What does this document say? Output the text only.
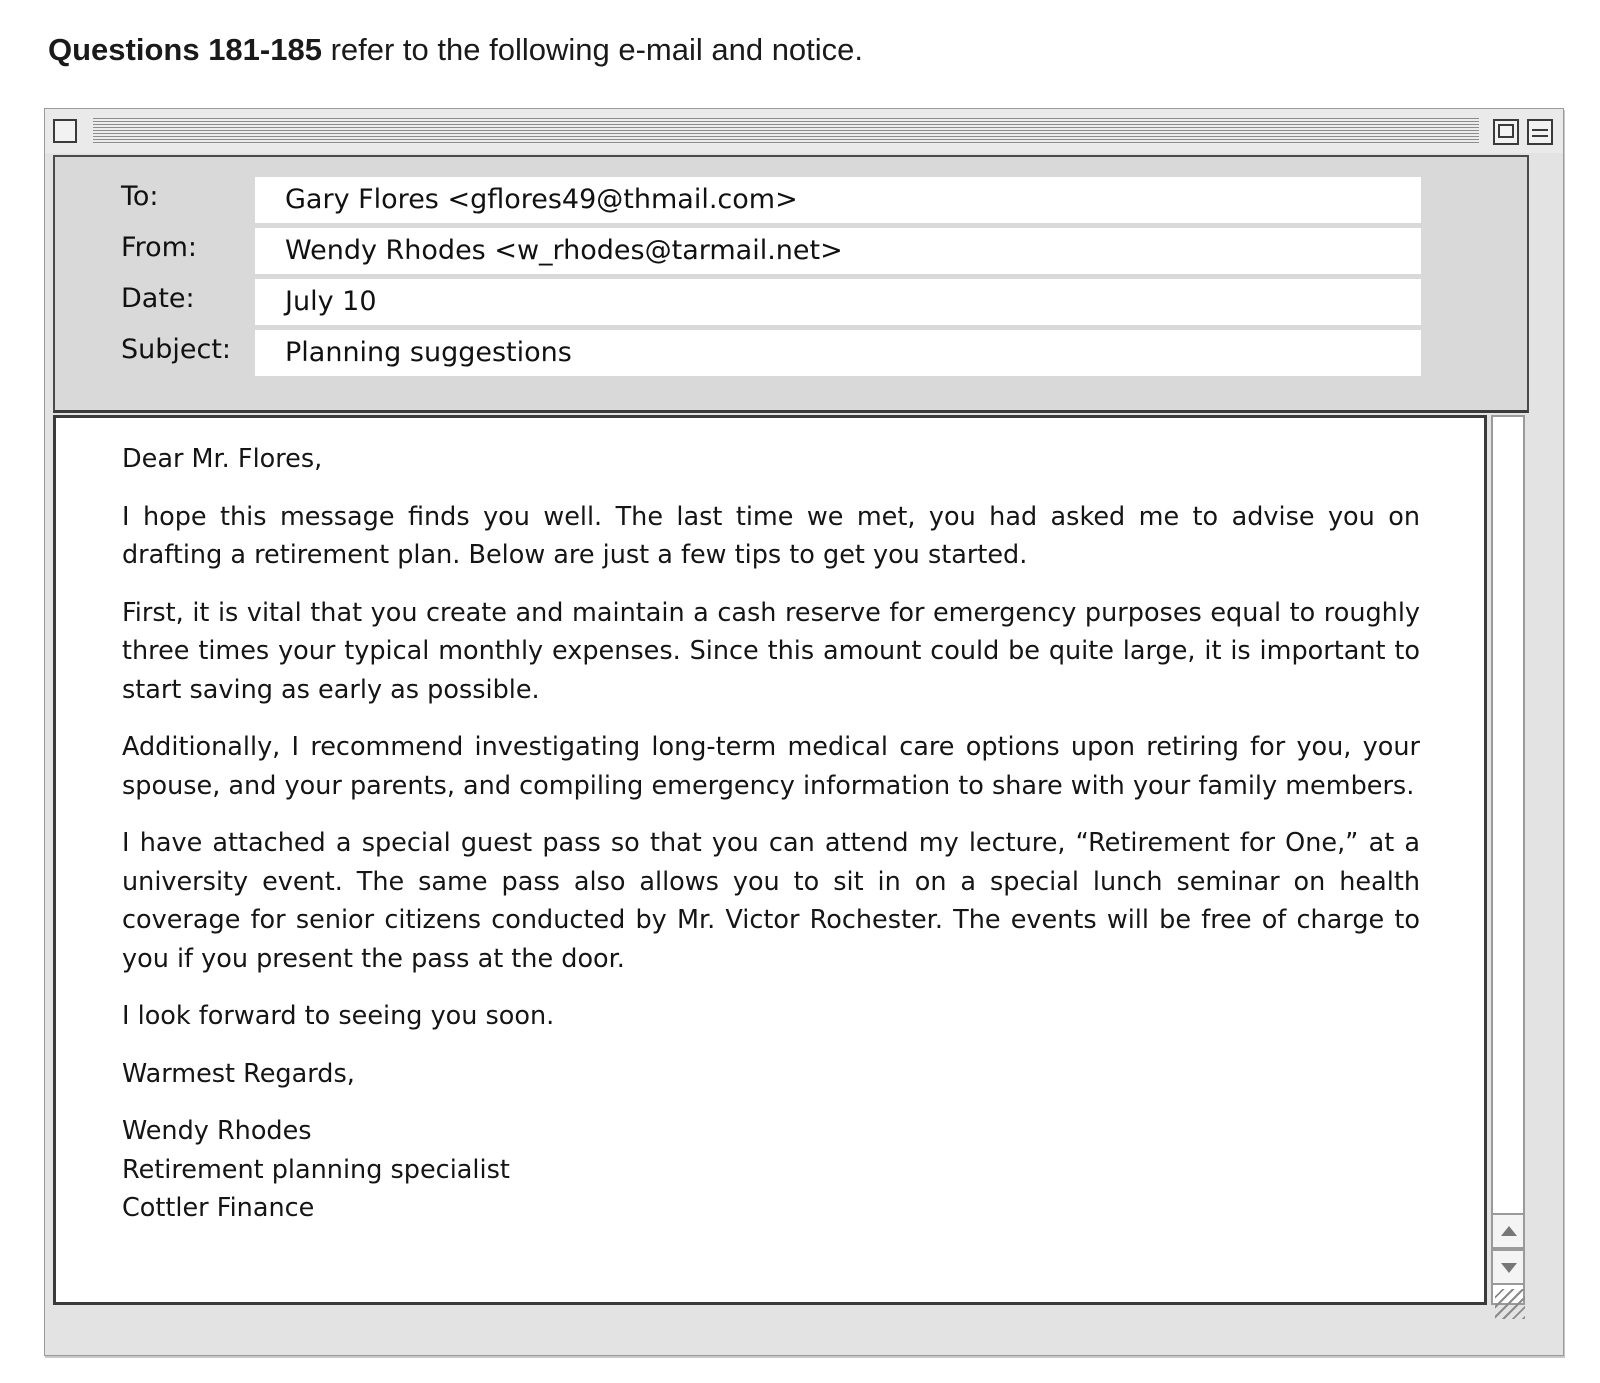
Questions 181-185 refer to the following e-mail and notice.
To:	Gary Flores <gflores49@thmail.com>
From:	Wendy Rhodes <w_rhodes@tarmail.net>
Date:	July 10
Subject:	Planning suggestions

Dear Mr. Flores,

I hope this message finds you well. The last time we met, you had asked me to advise you on drafting a retirement plan. Below are just a few tips to get you started.

First, it is vital that you create and maintain a cash reserve for emergency purposes equal to roughly three times your typical monthly expenses. Since this amount could be quite large, it is important to start saving as early as possible.

Additionally, I recommend investigating long-term medical care options upon retiring for you, your spouse, and your parents, and compiling emergency information to share with your family members.

I have attached a special guest pass so that you can attend my lecture, “Retirement for One,” at a university event. The same pass also allows you to sit in on a special lunch seminar on health coverage for senior citizens conducted by Mr. Victor Rochester. The events will be free of charge to you if you present the pass at the door.

I look forward to seeing you soon.

Warmest Regards,

Wendy Rhodes
Retirement planning specialist
Cottler Finance
